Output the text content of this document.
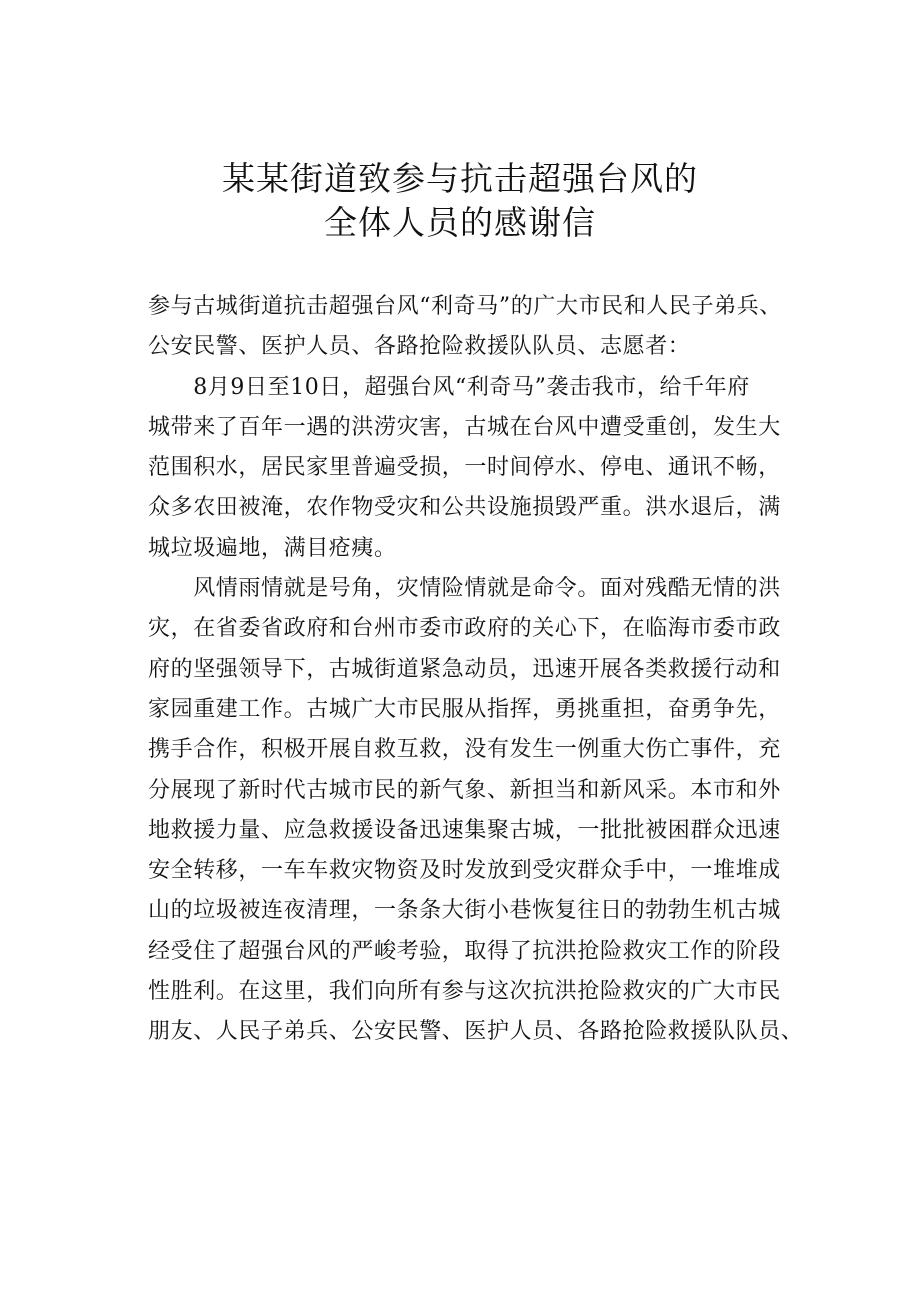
某某街道致参与抗击超强台风的
全体人员的感谢信
参与古城街道抗击超强台风“利奇马”的广大市民和人民子弟兵、
公安民警、医护人员、各路抢险救援队队员、志愿者：
　　8月9日至10日，超强台风“利奇马”袭击我市，给千年府
城带来了百年一遇的洪涝灾害，古城在台风中遭受重创，发生大
范围积水，居民家里普遍受损，一时间停水、停电、通讯不畅，
众多农田被淹，农作物受灾和公共设施损毁严重。洪水退后，满
城垃圾遍地，满目疮痍。
　　风情雨情就是号角，灾情险情就是命令。面对残酷无情的洪
灾，在省委省政府和台州市委市政府的关心下，在临海市委市政
府的坚强领导下，古城街道紧急动员，迅速开展各类救援行动和
家园重建工作。古城广大市民服从指挥，勇挑重担，奋勇争先，
携手合作，积极开展自救互救，没有发生一例重大伤亡事件，充
分展现了新时代古城市民的新气象、新担当和新风采。本市和外
地救援力量、应急救援设备迅速集聚古城，一批批被困群众迅速
安全转移，一车车救灾物资及时发放到受灾群众手中，一堆堆成
山的垃圾被连夜清理，一条条大街小巷恢复往日的勃勃生机古城
经受住了超强台风的严峻考验，取得了抗洪抢险救灾工作的阶段
性胜利。在这里，我们向所有参与这次抗洪抢险救灾的广大市民
朋友、人民子弟兵、公安民警、医护人员、各路抢险救援队队员、
